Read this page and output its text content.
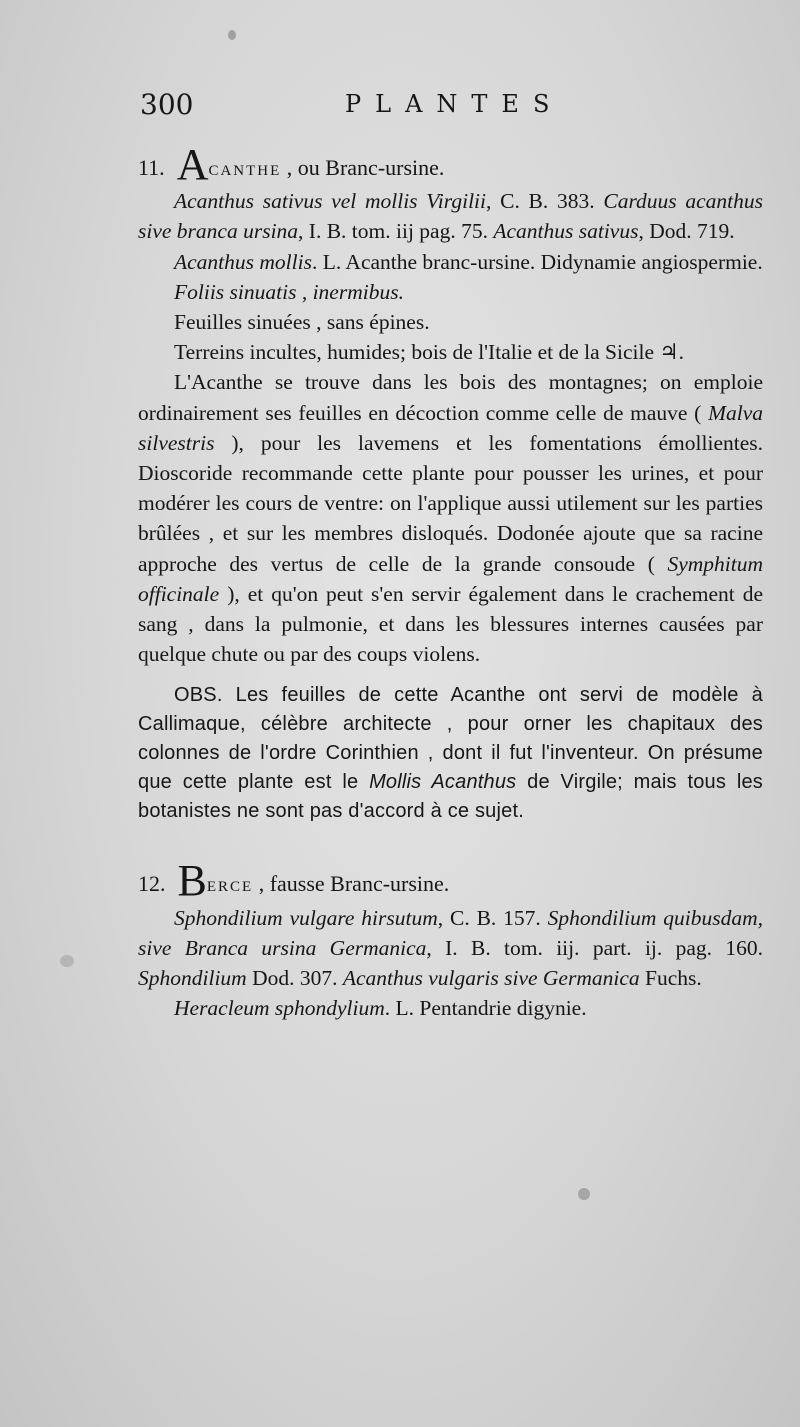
300	PLANTES

11. ACANTHE , ou Branc-ursine.

Acanthus sativus vel mollis Virgilii, C. B. 383. Carduus acanthus sive branca ursina, I. B. tom. iij pag. 75. Acanthus sativus, Dod. 719.

Acanthus mollis. L. Acanthe branc-ursine. Didynamie angiospermie.

Foliis sinuatis , inermibus.

Feuilles sinuées , sans épines.

Terreins incultes, humides; bois de l'Italie et de la Sicile ♃.

L'Acanthe se trouve dans les bois des montagnes; on emploie ordinairement ses feuilles en décoction comme celle de mauve ( Malva silvestris ), pour les lavemens et les fomentations émollientes. Dioscoride recommande cette plante pour pousser les urines, et pour modérer les cours de ventre: on l'applique aussi utilement sur les parties brûlées , et sur les membres disloqués. Dodonée ajoute que sa racine approche des vertus de celle de la grande consoude ( Symphitum officinale ), et qu'on peut s'en servir également dans le crachement de sang , dans la pulmonie, et dans les blessures internes causées par quelque chute ou par des coups violens.

OBS. Les feuilles de cette Acanthe ont servi de modèle à Callimaque, célèbre architecte , pour orner les chapitaux des colonnes de l'ordre Corinthien , dont il fut l'inventeur. On présume que cette plante est le Mollis Acanthus de Virgile; mais tous les botanistes ne sont pas d'accord à ce sujet.

12. BERCE , fausse Branc-ursine.

Sphondilium vulgare hirsutum, C. B. 157. Sphondilium quibusdam, sive Branca ursina Germanica, I. B. tom. iij. part. ij. pag. 160. Sphondilium Dod. 307. Acanthus vulgaris sive Germanica Fuchs.

Heracleum sphondylium. L. Pentandrie digynie.
